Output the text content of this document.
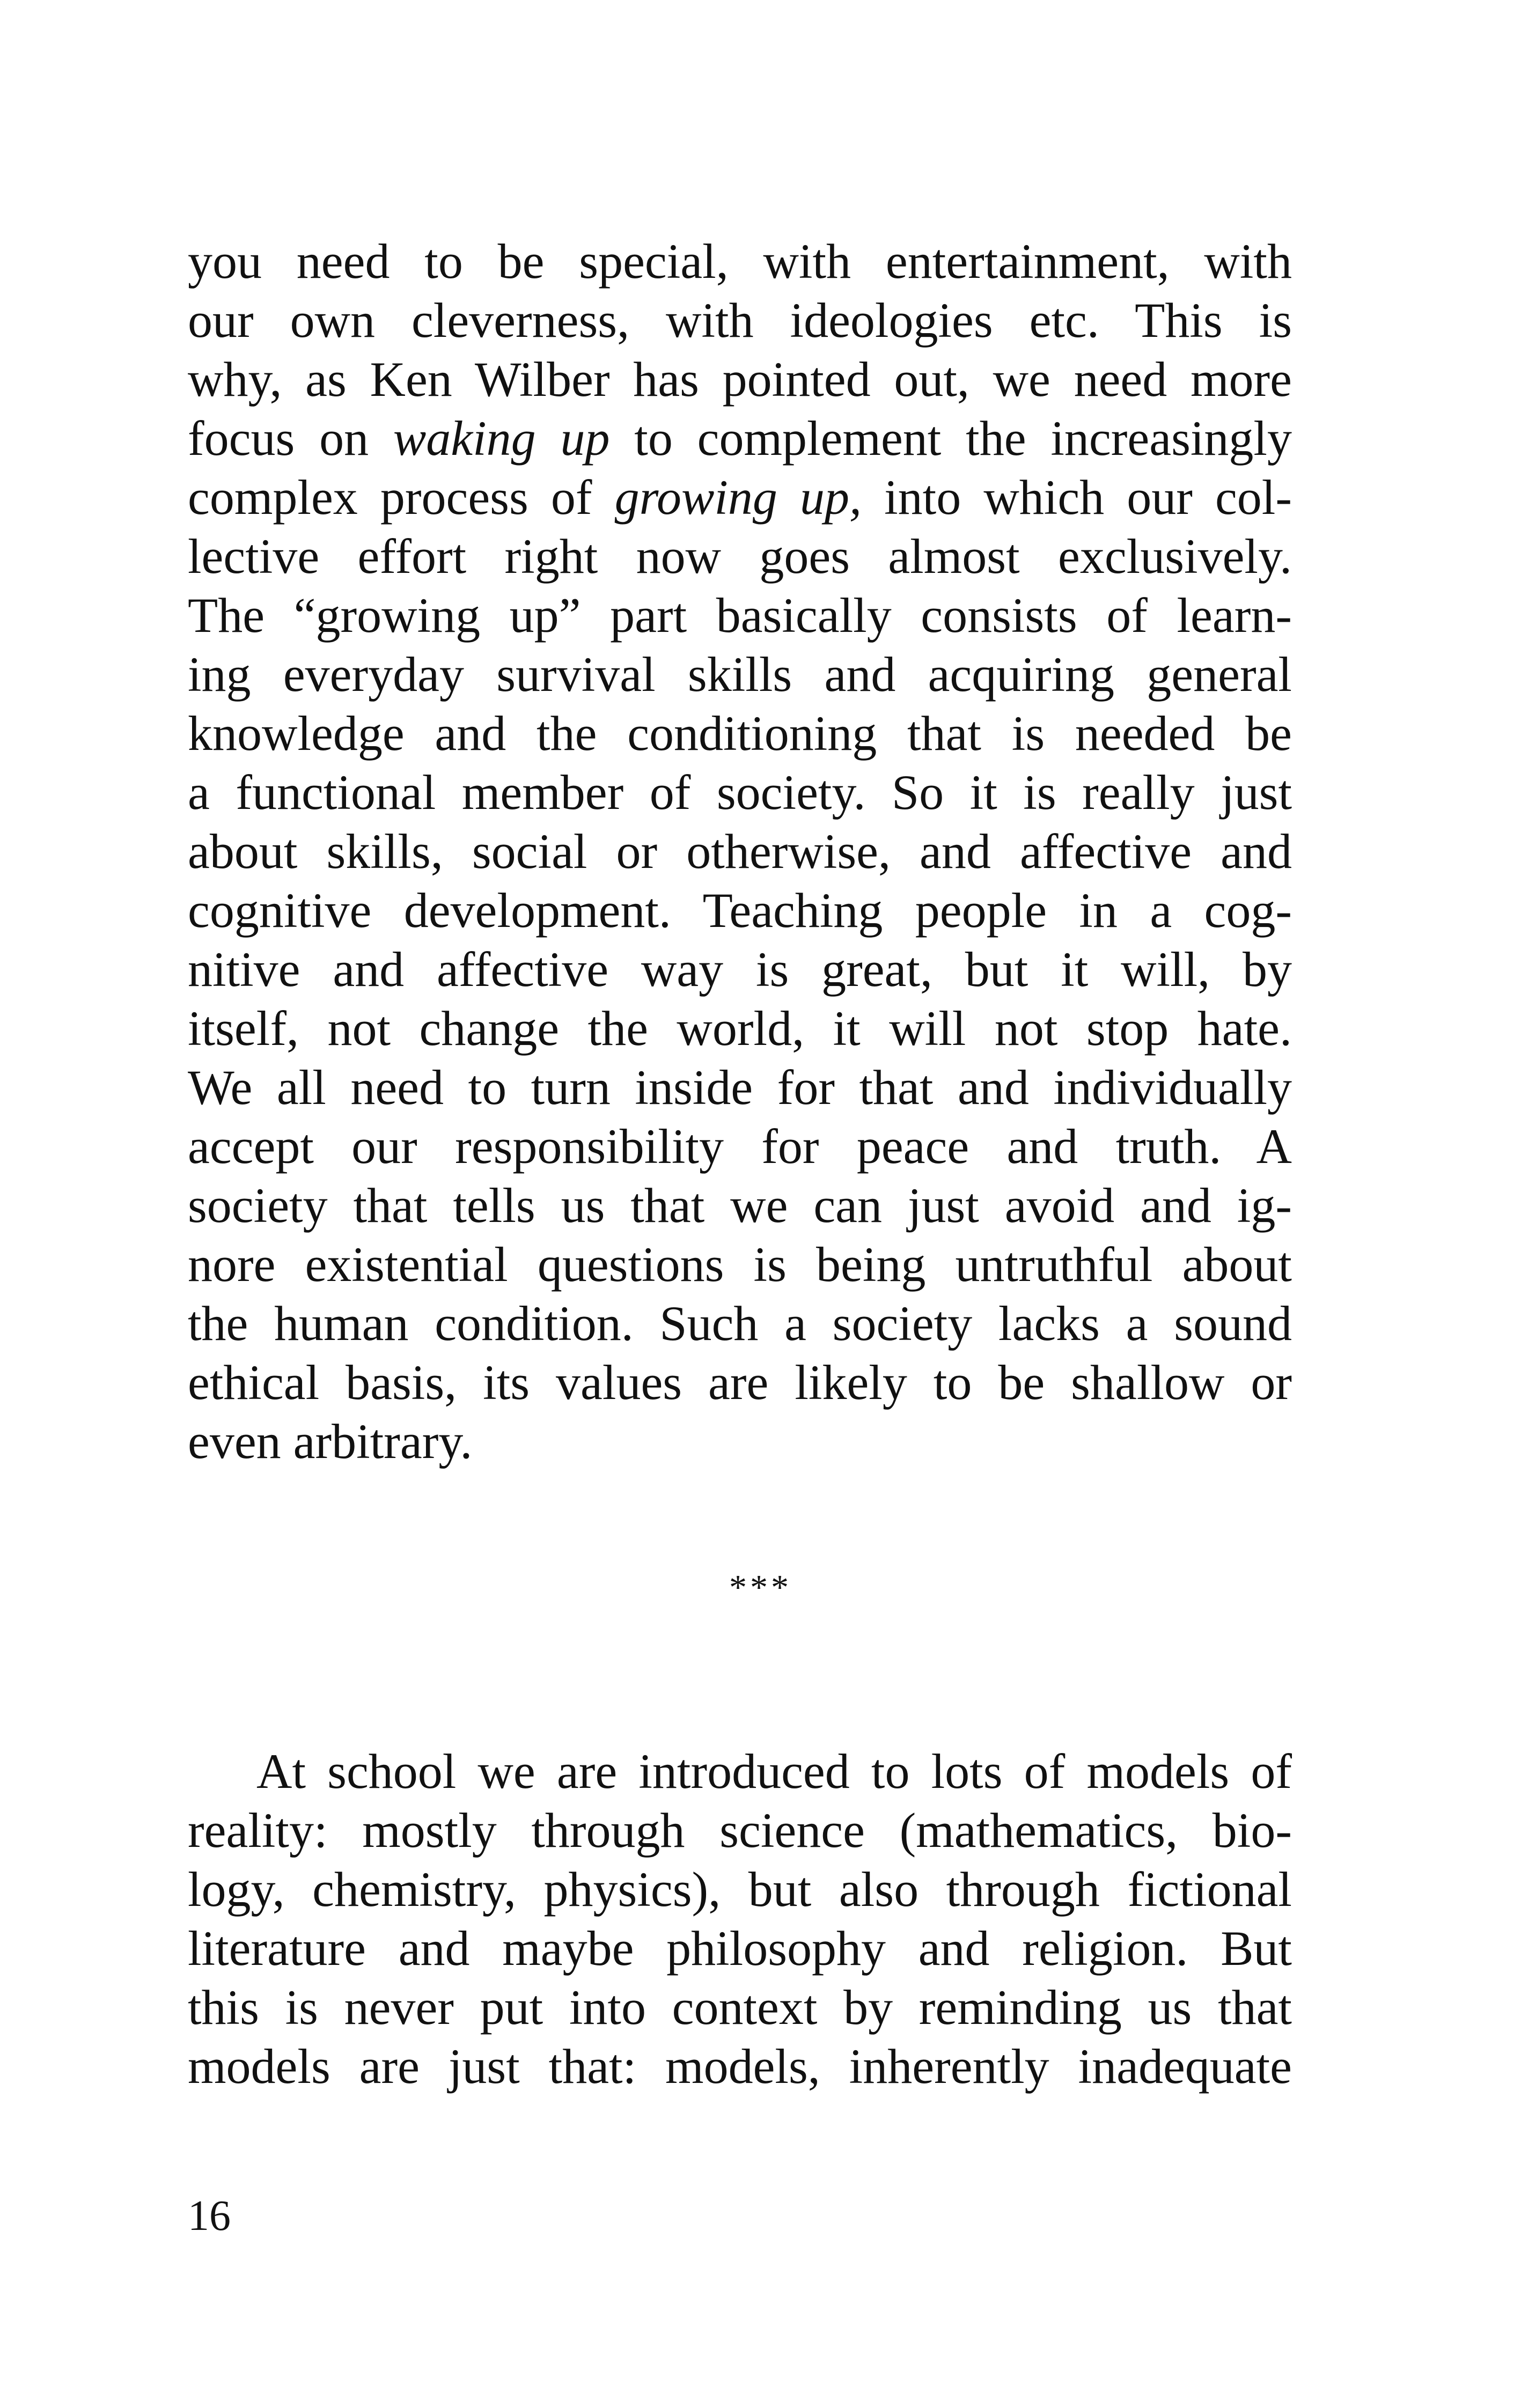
you need to be special, with entertainment, with
our own cleverness, with ideologies etc. This is
why, as Ken Wilber has pointed out, we need more
focus on waking up to complement the increasingly
complex process of growing up, into which our col-
lective effort right now goes almost exclusively.
The “growing up” part basically consists of learn-
ing everyday survival skills and acquiring general
knowledge and the conditioning that is needed be
a functional member of society. So it is really just
about skills, social or otherwise, and affective and
cognitive development. Teaching people in a cog-
nitive and affective way is great, but it will, by
itself, not change the world, it will not stop hate.
We all need to turn inside for that and individually
accept our responsibility for peace and truth. A
society that tells us that we can just avoid and ig-
nore existential questions is being untruthful about
the human condition. Such a society lacks a sound
ethical basis, its values are likely to be shallow or
even arbitrary.
***
At school we are introduced to lots of models of
reality: mostly through science (mathematics, bio-
logy, chemistry, physics), but also through fictional
literature and maybe philosophy and religion. But
this is never put into context by reminding us that
models are just that: models, inherently inadequate
16
